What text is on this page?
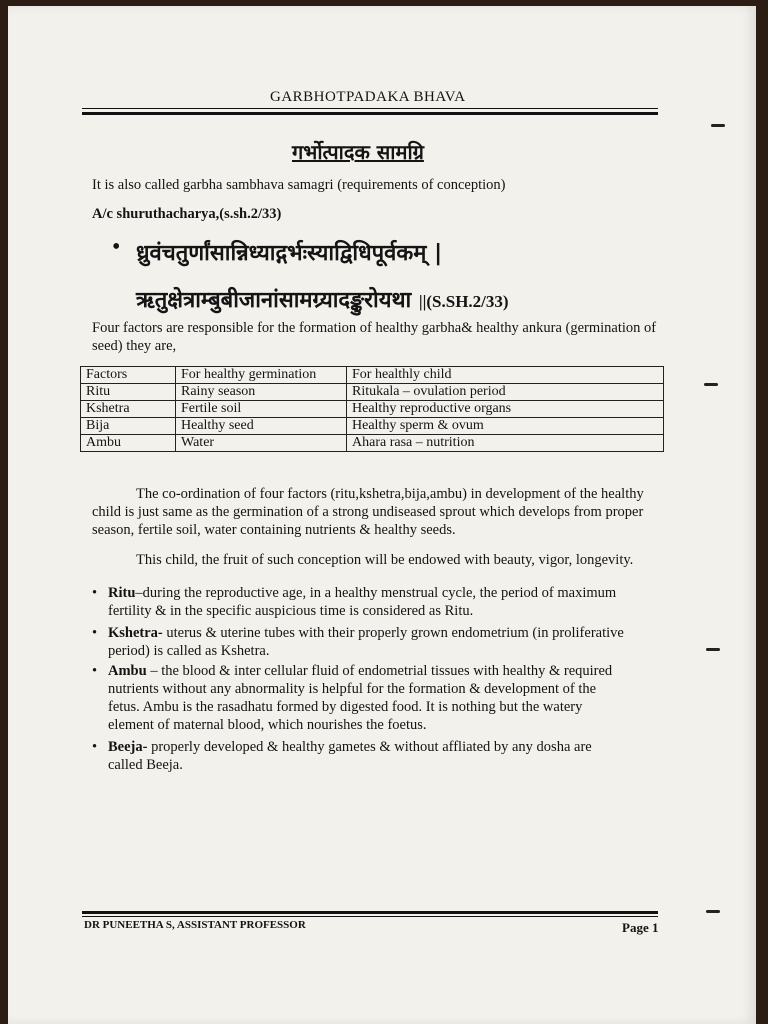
GARBHOTPADAKA BHAVA
गर्भोत्पादक सामग्रि
It is also called garbha sambhava samagri (requirements of conception)
A/c shuruthacharya,(s.sh.2/33)
• ध्रुवंचतुर्णांसान्निध्याद्गर्भःस्याद्विधिपूर्वकम् |
ऋतुक्षेत्राम्बुबीजानांसामग्र्यादङ्कुरोयथा ||(S.SH.2/33)
Four factors are responsible for the formation of healthy garbha& healthy ankura (germination of
seed) they are,
Factors	For healthy germination	For healthly child
Ritu	Rainy season	Ritukala – ovulation period
Kshetra	Fertile soil	Healthy reproductive organs
Bija	Healthy seed	Healthy sperm & ovum
Ambu	Water	Ahara rasa – nutrition
The co-ordination of four factors (ritu,kshetra,bija,ambu) in development of the healthy
child is just same as the germination of a strong undiseased sprout which develops from proper
season, fertile soil, water containing nutrients & healthy seeds.
This child, the fruit of such conception will be endowed with beauty, vigor, longevity.
• Ritu–during the reproductive age, in a healthy menstrual cycle, the period of maximum
fertility & in the specific auspicious time is considered as Ritu.
• Kshetra- uterus & uterine tubes with their properly grown endometrium (in proliferative
period) is called as Kshetra.
• Ambu – the blood & inter cellular fluid of endometrial tissues with healthy & required
nutrients without any abnormality is helpful for the formation & development of the
fetus. Ambu is the rasadhatu formed by digested food. It is nothing but the watery
element of maternal blood, which nourishes the foetus.
• Beeja- properly developed & healthy gametes & without affliated by any dosha are
called Beeja.
DR PUNEETHA S, ASSISTANT PROFESSOR	Page 1
